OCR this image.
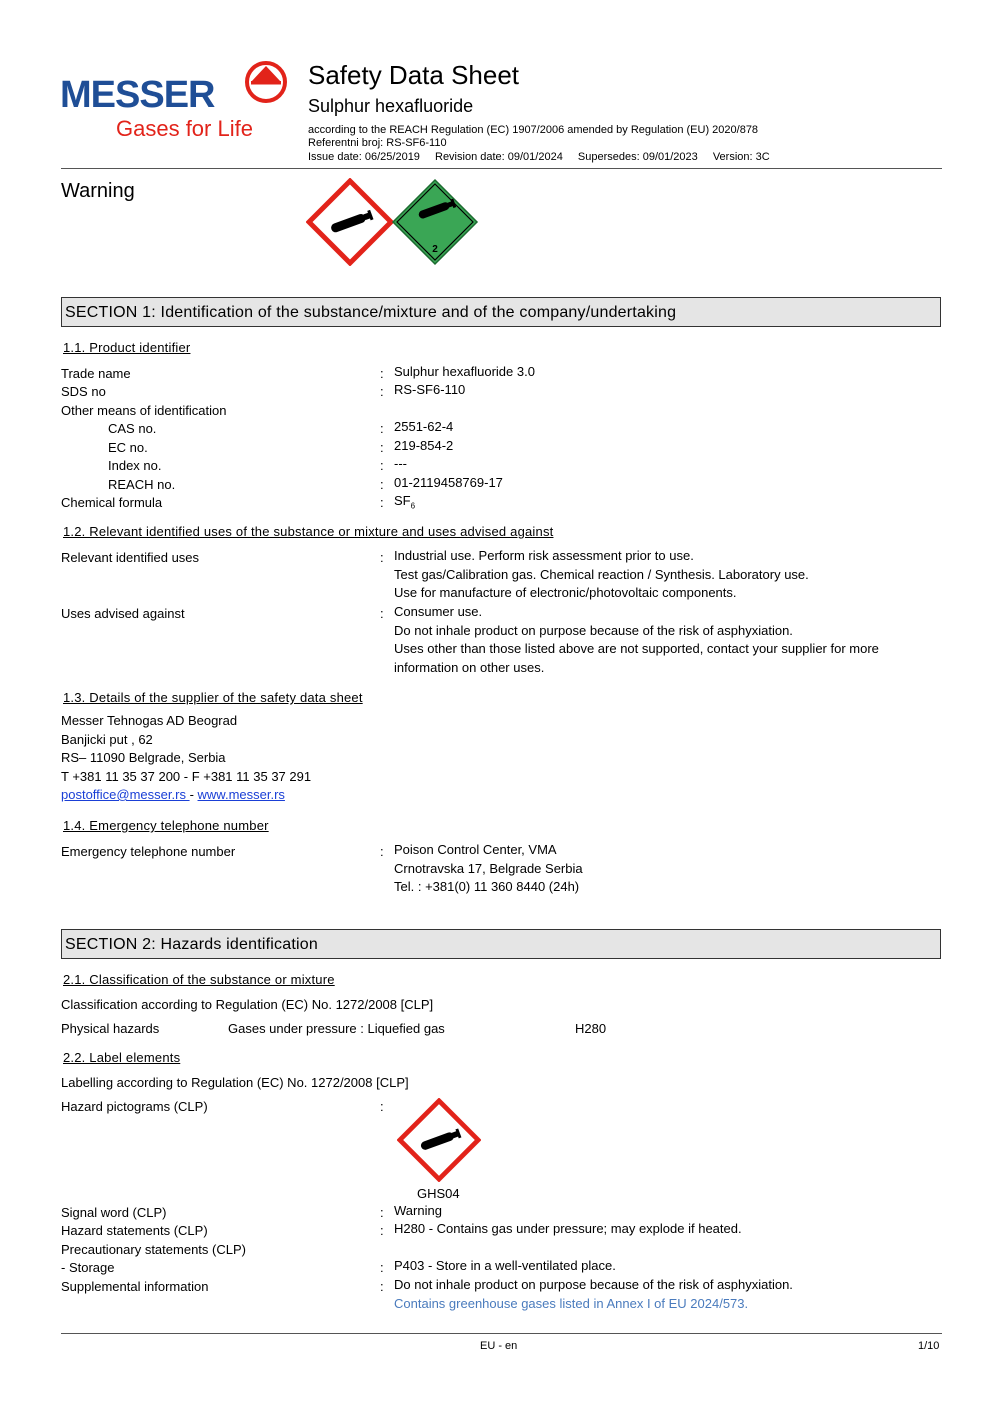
MESSER
Gases for Life
Safety Data Sheet
Sulphur hexafluoride
according to the REACH Regulation (EC) 1907/2006 amended by Regulation (EU) 2020/878
Referentni broj: RS-SF6-110
Issue date: 06/25/2019 Revision date: 09/01/2024 Supersedes: 09/01/2023 Version: 3C
Warning
2
SECTION 1: Identification of the substance/mixture and of the company/undertaking
1.1. Product identifier
Trade name	: Sulphur hexafluoride 3.0
SDS no	: RS-SF6-110
Other means of identification
CAS no.	: 2551-62-4
EC no.	: 219-854-2
Index no.	: ---
REACH no.	: 01-2119458769-17
Chemical formula	: $SF_6$
1.2. Relevant identified uses of the substance or mixture and uses advised against
Relevant identified uses	: Industrial use. Perform risk assessment prior to use.
Test gas/Calibration gas. Chemical reaction / Synthesis. Laboratory use.
Use for manufacture of electronic/photovoltaic components.
Uses advised against	: Consumer use.
Do not inhale product on purpose because of the risk of asphyxiation.
Uses other than those listed above are not supported, contact your supplier for more information on other uses.
1.3. Details of the supplier of the safety data sheet
Messer Tehnogas AD Beograd
Banjicki put , 62
RS– 11090 Belgrade, Serbia
T +381 11 35 37 200 - F +381 11 35 37 291
postoffice@messer.rs - www.messer.rs
1.4. Emergency telephone number
Emergency telephone number	: Poison Control Center, VMA
Crnotravska 17, Belgrade Serbia
Tel. : +381(0) 11 360 8440 (24h)
SECTION 2: Hazards identification
2.1. Classification of the substance or mixture
Classification according to Regulation (EC) No. 1272/2008 [CLP]
Physical hazards	Gases under pressure : Liquefied gas	H280
2.2. Label elements
Labelling according to Regulation (EC) No. 1272/2008 [CLP]
Hazard pictograms (CLP)	:
GHS04
Signal word (CLP)	: Warning
Hazard statements (CLP)	: H280 - Contains gas under pressure; may explode if heated.
Precautionary statements (CLP)
- Storage	: P403 - Store in a well-ventilated place.
Supplemental information	: Do not inhale product on purpose because of the risk of asphyxiation.
Contains greenhouse gases listed in Annex I of EU 2024/573.
EU - en	1/10
